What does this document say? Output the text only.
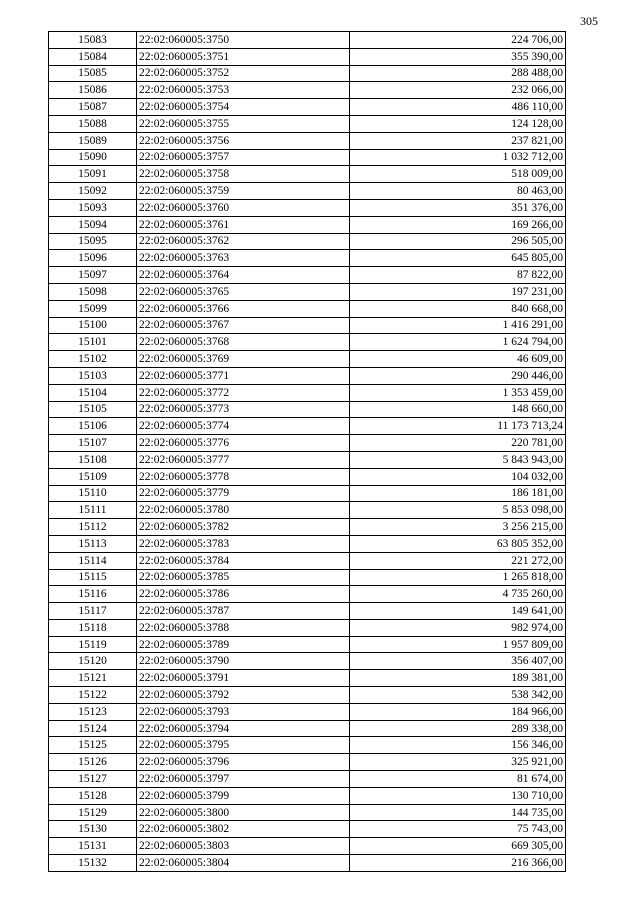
305
15083	22:02:060005:3750	224 706,00
15084	22:02:060005:3751	355 390,00
15085	22:02:060005:3752	288 488,00
15086	22:02:060005:3753	232 066,00
15087	22:02:060005:3754	486 110,00
15088	22:02:060005:3755	124 128,00
15089	22:02:060005:3756	237 821,00
15090	22:02:060005:3757	1 032 712,00
15091	22:02:060005:3758	518 009,00
15092	22:02:060005:3759	80 463,00
15093	22:02:060005:3760	351 376,00
15094	22:02:060005:3761	169 266,00
15095	22:02:060005:3762	296 505,00
15096	22:02:060005:3763	645 805,00
15097	22:02:060005:3764	87 822,00
15098	22:02:060005:3765	197 231,00
15099	22:02:060005:3766	840 668,00
15100	22:02:060005:3767	1 416 291,00
15101	22:02:060005:3768	1 624 794,00
15102	22:02:060005:3769	46 609,00
15103	22:02:060005:3771	290 446,00
15104	22:02:060005:3772	1 353 459,00
15105	22:02:060005:3773	148 660,00
15106	22:02:060005:3774	11 173 713,24
15107	22:02:060005:3776	220 781,00
15108	22:02:060005:3777	5 843 943,00
15109	22:02:060005:3778	104 032,00
15110	22:02:060005:3779	186 181,00
15111	22:02:060005:3780	5 853 098,00
15112	22:02:060005:3782	3 256 215,00
15113	22:02:060005:3783	63 805 352,00
15114	22:02:060005:3784	221 272,00
15115	22:02:060005:3785	1 265 818,00
15116	22:02:060005:3786	4 735 260,00
15117	22:02:060005:3787	149 641,00
15118	22:02:060005:3788	982 974,00
15119	22:02:060005:3789	1 957 809,00
15120	22:02:060005:3790	356 407,00
15121	22:02:060005:3791	189 381,00
15122	22:02:060005:3792	538 342,00
15123	22:02:060005:3793	184 966,00
15124	22:02:060005:3794	289 338,00
15125	22:02:060005:3795	156 346,00
15126	22:02:060005:3796	325 921,00
15127	22:02:060005:3797	81 674,00
15128	22:02:060005:3799	130 710,00
15129	22:02:060005:3800	144 735,00
15130	22:02:060005:3802	75 743,00
15131	22:02:060005:3803	669 305,00
15132	22:02:060005:3804	216 366,00
